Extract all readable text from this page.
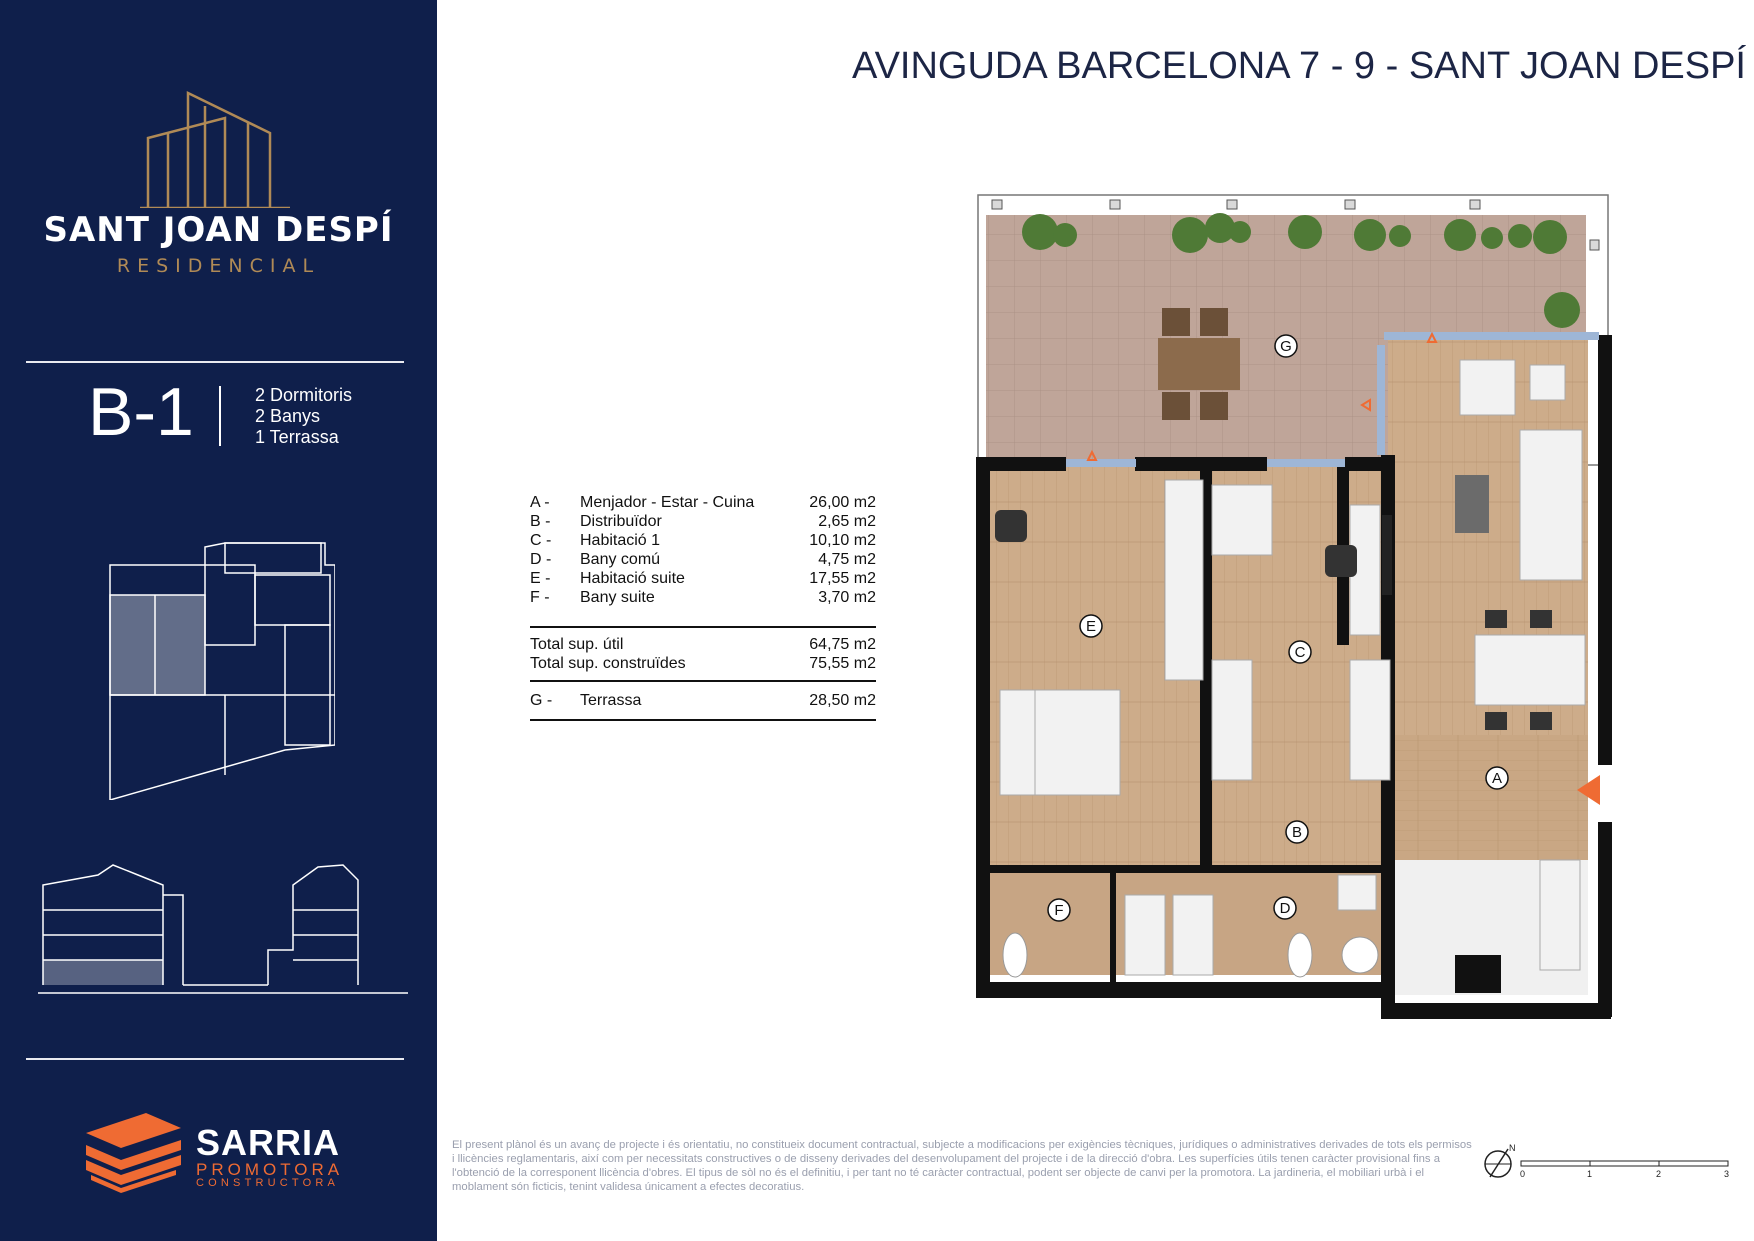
SANT JOAN DESPÍ
RESIDENCIAL
B-1	2 Dormitoris
2 Banys
1 Terrassa
SARRIA
PROMOTORA
CONSTRUCTORA
AVINGUDA BARCELONA 7 - 9 - SANT JOAN DESPÍ
A - Menjador - Estar - Cuina	26,00 m2
B - Distribuïdor	2,65 m2
C - Habitació 1	10,10 m2
D - Bany comú	4,75 m2
E - Habitació suite	17,55 m2
F - Bany suite	3,70 m2
Total sup. útil	64,75 m2
Total sup. construïdes	75,55 m2
G - Terrassa	28,50 m2
G
E
C
A
B
F	D
El present plànol és un avanç de projecte i és orientatiu, no constitueix document contractual, subjecte a modificacions per exigències tècniques, jurídiques o administratives derivades de tots els permisos i llicències reglamentaris, així com per necessitats constructives o de disseny derivades del desenvolupament del projecte i de la direcció d'obra. Les superfícies útils tenen caràcter provisional fins a l'obtenció de la corresponent llicència d'obres. El tipus de sòl no és el definitiu, i per tant no té caràcter contractual, podent ser objecte de canvi per la promotora. La jardineria, el mobiliari urbà i el moblament són ficticis, tenint validesa únicament a efectes decoratius.
N
0	1	2	3
